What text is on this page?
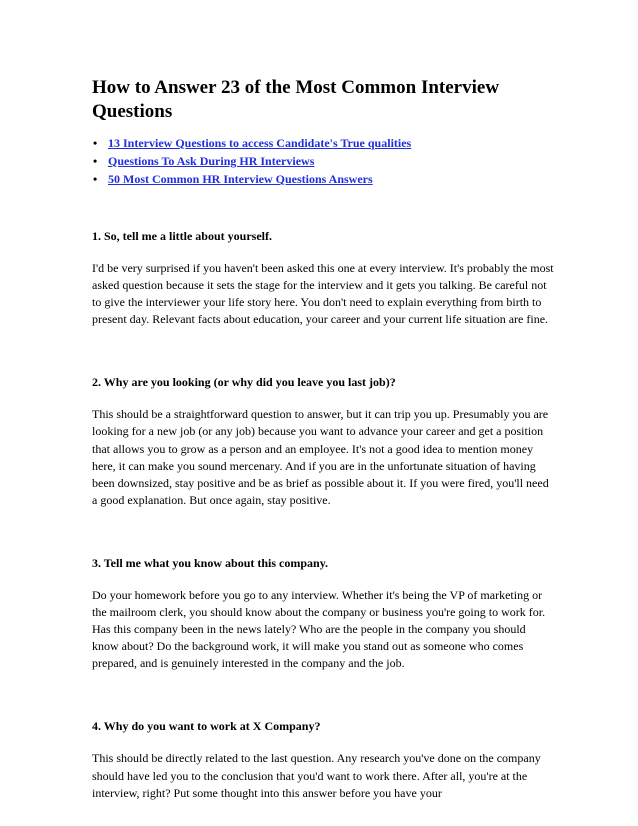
How to Answer 23 of the Most Common Interview Questions
• 13 Interview Questions to access Candidate's True qualities
• Questions To Ask During HR Interviews
• 50 Most Common HR Interview Questions Answers

1. So, tell me a little about yourself.

I'd be very surprised if you haven't been asked this one at every interview. It's probably the most asked question because it sets the stage for the interview and it gets you talking. Be careful not to give the interviewer your life story here. You don't need to explain everything from birth to present day. Relevant facts about education, your career and your current life situation are fine.

2. Why are you looking (or why did you leave you last job)?

This should be a straightforward question to answer, but it can trip you up. Presumably you are looking for a new job (or any job) because you want to advance your career and get a position that allows you to grow as a person and an employee. It's not a good idea to mention money here, it can make you sound mercenary. And if you are in the unfortunate situation of having been downsized, stay positive and be as brief as possible about it. If you were fired, you'll need a good explanation. But once again, stay positive.

3. Tell me what you know about this company.

Do your homework before you go to any interview. Whether it's being the VP of marketing or the mailroom clerk, you should know about the company or business you're going to work for. Has this company been in the news lately? Who are the people in the company you should know about? Do the background work, it will make you stand out as someone who comes prepared, and is genuinely interested in the company and the job.

4. Why do you want to work at X Company?

This should be directly related to the last question. Any research you've done on the company should have led you to the conclusion that you'd want to work there. After all, you're at the interview, right? Put some thought into this answer before you have your
